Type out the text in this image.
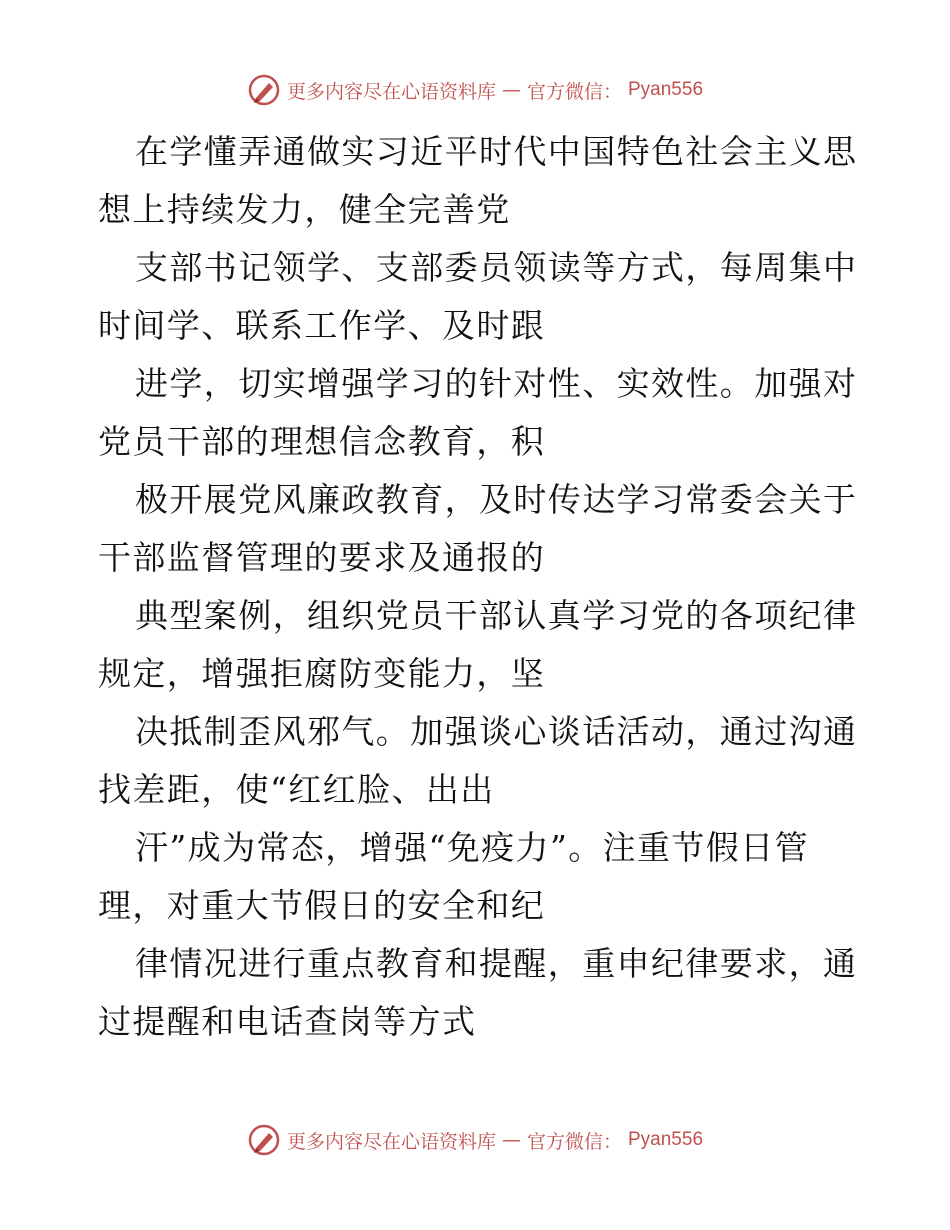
更多内容尽在心语资料库 — 官方微信： Pyan556

在学懂弄通做实习近平时代中国特色社会主义思
想上持续发力，健全完善党

支部书记领学、支部委员领读等方式，每周集中
时间学、联系工作学、及时跟

进学，切实增强学习的针对性、实效性。加强对
党员干部的理想信念教育，积

极开展党风廉政教育，及时传达学习常委会关于
干部监督管理的要求及通报的

典型案例，组织党员干部认真学习党的各项纪律
规定，增强拒腐防变能力，坚

决抵制歪风邪气。加强谈心谈话活动，通过沟通
找差距，使“红红脸、出出

汗”成为常态，增强“免疫力”。注重节假日管
理，对重大节假日的安全和纪

律情况进行重点教育和提醒，重申纪律要求，通
过提醒和电话查岗等方式

更多内容尽在心语资料库 — 官方微信： Pyan556
